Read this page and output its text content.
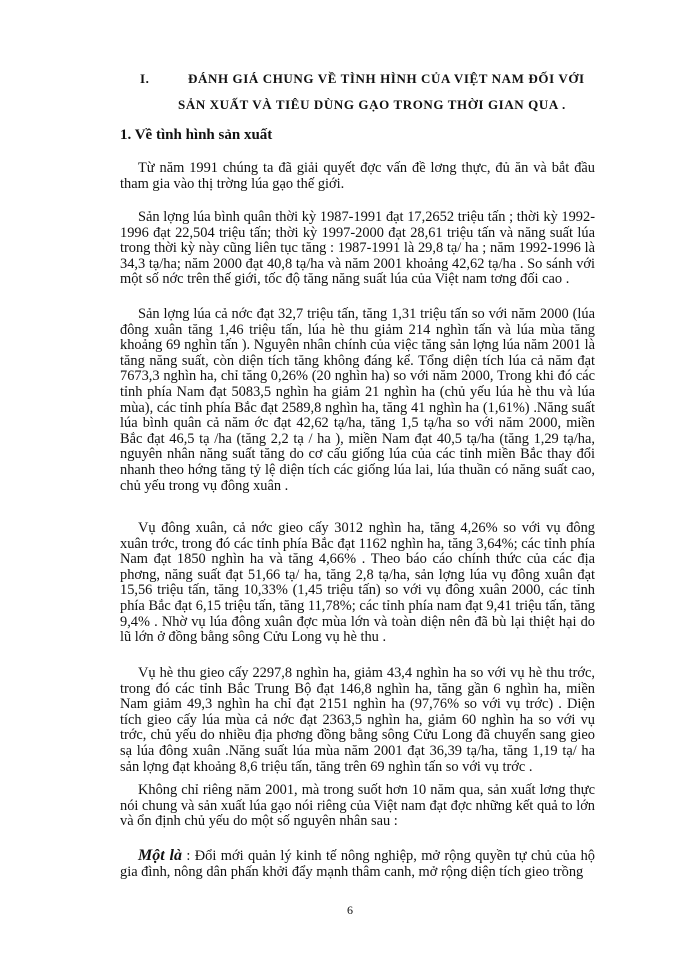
I.	ĐÁNH GIÁ CHUNG VỀ TÌNH HÌNH CỦA VIỆT NAM ĐỐI VỚI
SẢN XUẤT VÀ TIÊU DÙNG GẠO TRONG THỜI GIAN QUA .
1. Về tình hình sản xuất

Từ năm 1991 chúng ta đã giải quyết đợc vấn đề lơng thực, đủ ăn và bắt đầu tham gia vào thị trờng lúa gạo thế giới.

Sản lợng lúa bình quân thời kỳ 1987-1991 đạt 17,2652 triệu tấn ; thời kỳ 1992-1996 đạt 22,504 triệu tấn; thời kỳ 1997-2000 đạt 28,61 triệu tấn và năng suất lúa trong thời kỳ này cũng liên tục tăng : 1987-1991 là 29,8 tạ/ ha ; năm 1992-1996 là 34,3 tạ/ha; năm 2000 đạt 40,8 tạ/ha và năm 2001 khoảng 42,62 tạ/ha . So sánh với một số nớc trên thế giới, tốc độ tăng năng suất lúa của Việt nam tơng đối cao .

Sản lợng lúa cả nớc đạt 32,7 triệu tấn, tăng 1,31 triệu tấn so với năm 2000 (lúa đông xuân tăng 1,46 triệu tấn, lúa hè thu giảm 214 nghìn tấn và lúa mùa tăng khoảng 69 nghìn tấn ). Nguyên nhân chính của việc tăng sản lợng lúa năm 2001 là tăng năng suất, còn diện tích tăng không đáng kể. Tổng diện tích lúa cả năm đạt 7673,3 nghìn ha, chỉ tăng 0,26% (20 nghìn ha) so với năm 2000, Trong khi đó các tỉnh phía Nam đạt 5083,5 nghìn ha giảm 21 nghìn ha (chủ yếu lúa hè thu và lúa mùa), các tỉnh phía Bắc đạt 2589,8 nghìn ha, tăng 41 nghìn ha (1,61%) .Năng suất lúa bình quân cả năm ớc đạt 42,62 tạ/ha, tăng 1,5 tạ/ha so với năm 2000, miền Bắc đạt 46,5 tạ /ha (tăng 2,2 tạ / ha ), miền Nam đạt 40,5 tạ/ha (tăng 1,29 tạ/ha, nguyên nhân năng suất tăng do cơ cấu giống lúa của các tỉnh miền Bắc thay đổi nhanh theo hớng tăng tỷ lệ diện tích các giống lúa lai, lúa thuần có năng suất cao, chủ yếu trong vụ đông xuân .

Vụ đông xuân, cả nớc gieo cấy 3012 nghìn ha, tăng 4,26% so với vụ đông xuân trớc, trong đó các tỉnh phía Bắc đạt 1162 nghìn ha, tăng 3,64%; các tỉnh phía Nam đạt 1850 nghìn ha và tăng 4,66% . Theo báo cáo chính thức của các địa phơng, năng suất đạt 51,66 tạ/ ha, tăng 2,8 tạ/ha, sản lợng lúa vụ đông xuân đạt 15,56 triệu tấn, tăng 10,33% (1,45 triệu tấn) so với vụ đông xuân 2000, các tỉnh phía Bắc đạt 6,15 triệu tấn, tăng 11,78%; các tỉnh phía nam đạt 9,41 triệu tấn, tăng 9,4% . Nhờ vụ lúa đông xuân đợc mùa lớn và toàn diện nên đã bù lại thiệt hại do lũ lớn ở đồng bằng sông Cửu Long vụ hè thu .

Vụ hè thu gieo cấy 2297,8 nghìn ha, giảm 43,4 nghìn ha so với vụ hè thu trớc, trong đó các tỉnh Bắc Trung Bộ đạt 146,8 nghìn ha, tăng gần 6 nghìn ha, miền Nam giảm 49,3 nghìn ha chỉ đạt 2151 nghìn ha (97,76% so với vụ trớc) . Diện tích gieo cấy lúa mùa cả nớc đạt 2363,5 nghìn ha, giảm 60 nghìn ha so với vụ trớc, chủ yếu do nhiều địa phơng đồng bằng sông Cửu Long đã chuyển sang gieo sạ lúa đông xuân .Năng suất lúa mùa năm 2001 đạt 36,39 tạ/ha, tăng 1,19 tạ/ ha sản lợng đạt khoảng 8,6 triệu tấn, tăng trên 69 nghìn tấn so với vụ trớc .

Không chỉ riêng năm 2001, mà trong suốt hơn 10 năm qua, sản xuất lơng thực nói chung và sản xuất lúa gạo nói riêng của Việt nam đạt đợc những kết quả to lớn và ổn định chủ yếu do một số nguyên nhân sau :

Một là : Đổi mới quản lý kinh tế nông nghiệp, mở rộng quyền tự chủ của hộ gia đình, nông dân phấn khởi đẩy mạnh thâm canh, mở rộng diện tích gieo trồng

6
